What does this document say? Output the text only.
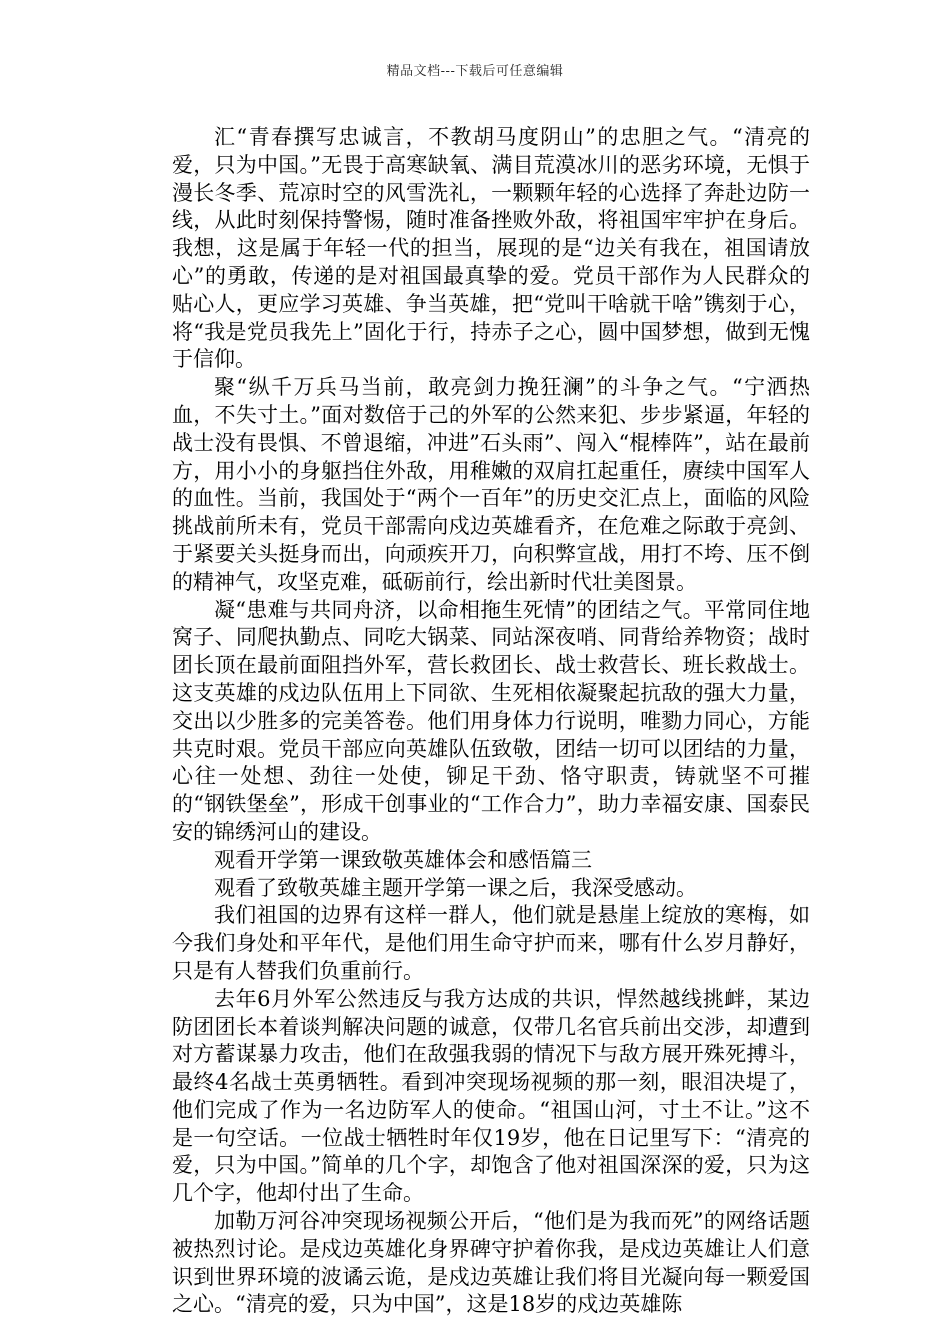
精品文档---下载后可任意编辑

汇“青春撰写忠诚言，不教胡马度阴山”的忠胆之气。“清亮的爱，只为中国。”无畏于高寒缺氧、满目荒漠冰川的恶劣环境，无惧于漫长冬季、荒凉时空的风雪洗礼，一颗颗年轻的心选择了奔赴边防一线，从此时刻保持警惕，随时准备挫败外敌，将祖国牢牢护在身后。我想，这是属于年轻一代的担当，展现的是“边关有我在，祖国请放心”的勇敢，传递的是对祖国最真挚的爱。党员干部作为人民群众的贴心人，更应学习英雄、争当英雄，把“党叫干啥就干啥”镌刻于心，将“我是党员我先上”固化于行，持赤子之心，圆中国梦想，做到无愧于信仰。

聚“纵千万兵马当前，敢亮剑力挽狂澜”的斗争之气。“宁洒热血，不失寸土。”面对数倍于己的外军的公然来犯、步步紧逼，年轻的战士没有畏惧、不曾退缩，冲进”石头雨”、闯入“棍棒阵”，站在最前方，用小小的身躯挡住外敌，用稚嫩的双肩扛起重任，赓续中国军人的血性。当前，我国处于“两个一百年”的历史交汇点上，面临的风险挑战前所未有，党员干部需向戍边英雄看齐，在危难之际敢于亮剑、于紧要关头挺身而出，向顽疾开刀，向积弊宣战，用打不垮、压不倒的精神气，攻坚克难，砥砺前行，绘出新时代壮美图景。

凝“患难与共同舟济，以命相拖生死情”的团结之气。平常同住地窝子、同爬执勤点、同吃大锅菜、同站深夜哨、同背给养物资；战时团长顶在最前面阻挡外军，营长救团长、战士救营长、班长救战士。这支英雄的戍边队伍用上下同欲、生死相依凝聚起抗敌的强大力量，交出以少胜多的完美答卷。他们用身体力行说明，唯勠力同心，方能共克时艰。党员干部应向英雄队伍致敬，团结一切可以团结的力量，心往一处想、劲往一处使，铆足干劲、恪守职责，铸就坚不可摧的“钢铁堡垒”，形成干创事业的“工作合力”，助力幸福安康、国泰民安的锦绣河山的建设。

观看开学第一课致敬英雄体会和感悟篇三

观看了致敬英雄主题开学第一课之后，我深受感动。

我们祖国的边界有这样一群人，他们就是悬崖上绽放的寒梅，如今我们身处和平年代，是他们用生命守护而来，哪有什么岁月静好，只是有人替我们负重前行。

去年6月外军公然违反与我方达成的共识，悍然越线挑衅，某边防团团长本着谈判解决问题的诚意，仅带几名官兵前出交涉，却遭到对方蓄谋暴力攻击，他们在敌强我弱的情况下与敌方展开殊死搏斗，最终4名战士英勇牺牲。看到冲突现场视频的那一刻，眼泪决堤了，他们完成了作为一名边防军人的使命。“祖国山河，寸土不让。”这不是一句空话。一位战士牺牲时年仅19岁，他在日记里写下：“清亮的爱，只为中国。”简单的几个字，却饱含了他对祖国深深的爱，只为这几个字，他却付出了生命。

加勒万河谷冲突现场视频公开后，“他们是为我而死”的网络话题被热烈讨论。是戍边英雄化身界碑守护着你我，是戍边英雄让人们意识到世界环境的波谲云诡，是戍边英雄让我们将目光凝向每一颗爱国之心。“清亮的爱，只为中国”，这是18岁的戍边英雄陈
